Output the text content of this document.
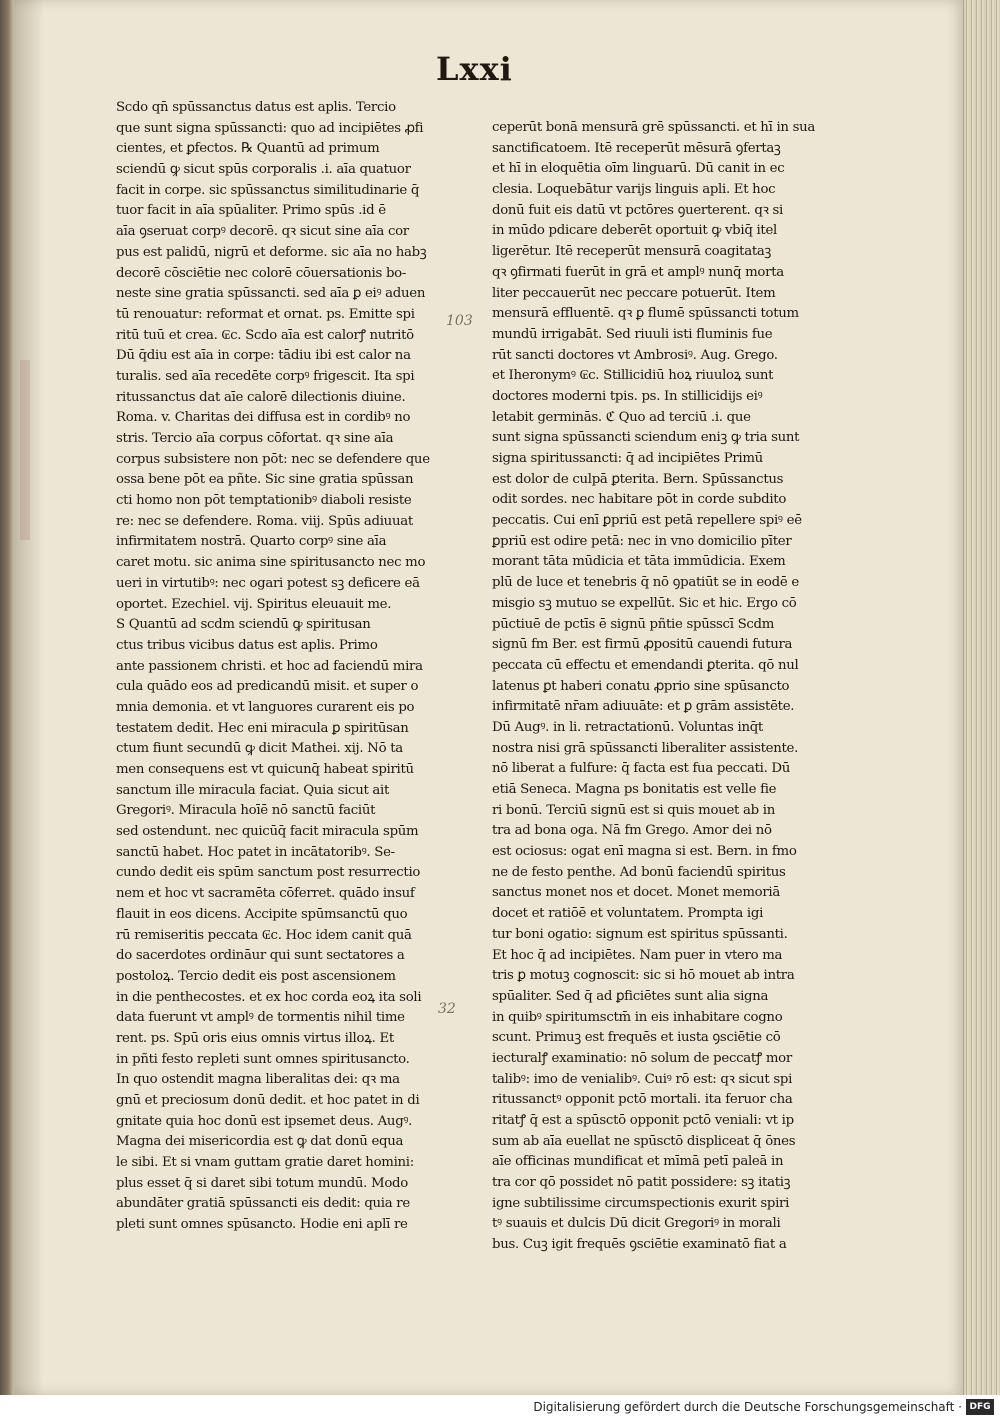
Lxxi
Scdo qn̄ spūssanctus datus est aplis. Tercio
que sunt signa spūssancti: quo ad incipiētes ꝓfi
cientes, et ꝑfectos. ℞ Quantū ad primum
sciendū ꝙ sicut spūs corporalis .i. aīa quatuor
facit in corpe. sic spūssanctus similitudinarie q̄
tuor facit in aīa spūaliter. Primo spūs .id ē
aīa ꝯseruat corpꝰ decorē. qꝛ sicut sine aīa cor
pus est palidū, nigrū et deforme. sic aīa no habꝫ
decorē cōsciētie nec colorē cōuersationis bo-
neste sine gratia spūssancti. sed aīa ꝑ eiꝰ aduen
tū renouatur: reformat et ornat. ps. Emitte spi
ritū tuū et crea. ₢c. Scdo aīa est calorꝭ nutritō
Dū q̄diu est aīa in corpe: tādiu ibi est calor na
turalis. sed aīa recedēte corpꝰ frigescit. Ita spi
ritussanctus dat aīe calorē dilectionis diuine.
Roma. v. Charitas dei diffusa est in cordibꝰ no
stris. Tercio aīa corpus cōfortat. qꝛ sine aīa
corpus subsistere non pōt: nec se defendere que
ossa bene pōt ea pñte. Sic sine gratia spūssan
cti homo non pōt temptationibꝰ diaboli resiste
re: nec se defendere. Roma. viij. Spūs adiuuat
infirmitatem nostrā. Quarto corpꝰ sine aīa
caret motu. sic anima sine spiritusancto nec mo
ueri in virtutibꝰ: nec ogari potest sꝫ deficere eā
oportet. Ezechiel. vij. Spiritus eleuauit me.
S Quantū ad scdm sciendū ꝙ spiritusan
ctus tribus vicibus datus est aplis. Primo
ante passionem christi. et hoc ad faciendū mira
cula quādo eos ad predicandū misit. et super o
mnia demonia. et vt languores curarent eis po
testatem dedit. Hec eni miracula ꝑ spiritūsan
ctum fiunt secundū ꝙ dicit Mathei. xij. Nō ta
men consequens est vt quicunq̄ habeat spiritū
sanctum ille miracula faciat. Quia sicut ait
Gregoriꝰ. Miracula hoīē nō sanctū faciūt
sed ostendunt. nec quicūq̄ facit miracula spūm
sanctū habet. Hoc patet in incātatoribꝰ. Se-
cundo dedit eis spūm sanctum post resurrectio
nem et hoc vt sacramēta cōferret. quādo insuf
flauit in eos dicens. Accipite spūmsanctū quo
rū remiseritis peccata ₢c. Hoc idem canit quā
do sacerdotes ordināur qui sunt sectatores a
postoloꝝ. Tercio dedit eis post ascensionem
in die penthecostes. et ex hoc corda eoꝝ ita soli
data fuerunt vt amplꝰ de tormentis nihil time
rent. ps. Spū oris eius omnis virtus illoꝝ. Et
in pñti festo repleti sunt omnes spiritusancto.
In quo ostendit magna liberalitas dei: qꝛ ma
gnū et preciosum donū dedit. et hoc patet in di
gnitate quia hoc donū est ipsemet deus. Augꝰ.
Magna dei misericordia est ꝙ dat donū equa
le sibi. Et si vnam guttam gratie daret homini:
plus esset q̄ si daret sibi totum mundū. Modo
abundāter gratiā spūssancti eis dedit: quia re
pleti sunt omnes spūsancto. Hodie eni aplī re
ceperūt bonā mensurā grē spūssancti. et hī in sua
sanctificatoem. Itē receperūt mēsurā ꝯfertaꝫ
et hī in eloquētia oīm linguarū. Dū canit in ec
clesia. Loquebātur varijs linguis apli. Et hoc
donū fuit eis datū vt pctōres ꝯuerterent. qꝛ si
in mūdo pdicare deberēt oportuit ꝙ vbiq̄ itel
ligerētur. Itē receperūt mensurā coagitataꝫ
qꝛ ꝯfirmati fuerūt in grā et amplꝰ nunq̄ morta
liter peccauerūt nec peccare potuerūt. Item
mensurā effluentē. qꝛ ꝑ flumē spūssancti totum
mundū irrigabāt. Sed riuuli isti fluminis fue
rūt sancti doctores vt Ambrosiꝰ. Aug. Grego.
et Iheronymꝰ ₢c. Stillicidiū hoꝝ riuuloꝝ sunt
doctores moderni tpis. ps. In stillicidijs eiꝰ
letabit germinās. ℭ Quo ad terciū .i. que
sunt signa spūssancti sciendum eniꝫ ꝙ tria sunt
signa spiritussancti: q̄ ad incipiētes Primū
est dolor de culpā ꝑterita. Bern. Spūssanctus
odit sordes. nec habitare pōt in corde subdito
peccatis. Cui enī ꝑpriū est petā repellere spiꝰ eē
ꝑpriū est odire petā: nec in vno domicilio pīter
morant tāta mūdicia et tāta immūdicia. Exem
plū de luce et tenebris q̄ nō ꝯpatiūt se in eodē e
misgio sꝫ mutuo se expellūt. Sic et hic. Ergo cō
pūctiuē de pctīs ē signū pñtie spūsscī Scdm
signū fm Ber. est firmū ꝓpositū cauendi futura
peccata cū effectu et emendandi ꝑterita. qō nul
latenus ꝑt haberi conatu ꝓprio sine spūsancto
infirmitatē nr̄am adiuuāte: et ꝑ grām assistēte.
Dū Augꝰ. in li. retractationū. Voluntas inq̄t
nostra nisi grā spūssancti liberaliter assistente.
nō liberat a fulfure: q̄ facta est fua peccati. Dū
etiā Seneca. Magna ps bonitatis est velle fie
ri bonū. Terciū signū est si quis mouet ab in
tra ad bona oga. Nā fm Grego. Amor dei nō
est ociosus: ogat enī magna si est. Bern. in fmo
ne de festo penthe. Ad bonū faciendū spiritus
sanctus monet nos et docet. Monet memoriā
docet et ratiōē et voluntatem. Prompta igi
tur boni ogatio: signum est spiritus spūssanti.
Et hoc q̄ ad incipiētes. Nam puer in vtero ma
tris ꝑ motuꝫ cognoscit: sic si hō mouet ab intra
spūaliter. Sed q̄ ad ꝑficiētes sunt alia signa
in quibꝰ spiritumsctm̄ in eis inhabitare cogno
scunt. Primuꝫ est frequēs et iusta ꝯsciētie cō
iecturalꝭ examinatio: nō solum de peccatꝭ mor
talibꝰ: imo de venialibꝰ. Cuiꝰ rō est: qꝛ sicut spi
ritussanctꝰ opponit pctō mortali. ita feruor cha
ritatꝭ q̄ est a spūsctō opponit pctō veniali: vt ip
sum ab aīa euellat ne spūsctō displiceat q̄ ōnes
aīe officinas mundificat et mīmā petī paleā in
tra cor qō possidet nō patit possidere: sꝫ itatiꝫ
igne subtilissime circumspectionis exurit spiri
tꝰ suauis et dulcis Dū dicit Gregoriꝰ in morali
bus. Cuꝫ igit frequēs ꝯsciētie examinatō fiat a
103
32
Digitalisierung gefördert durch die Deutsche Forschungsgemeinschaft · DFG
